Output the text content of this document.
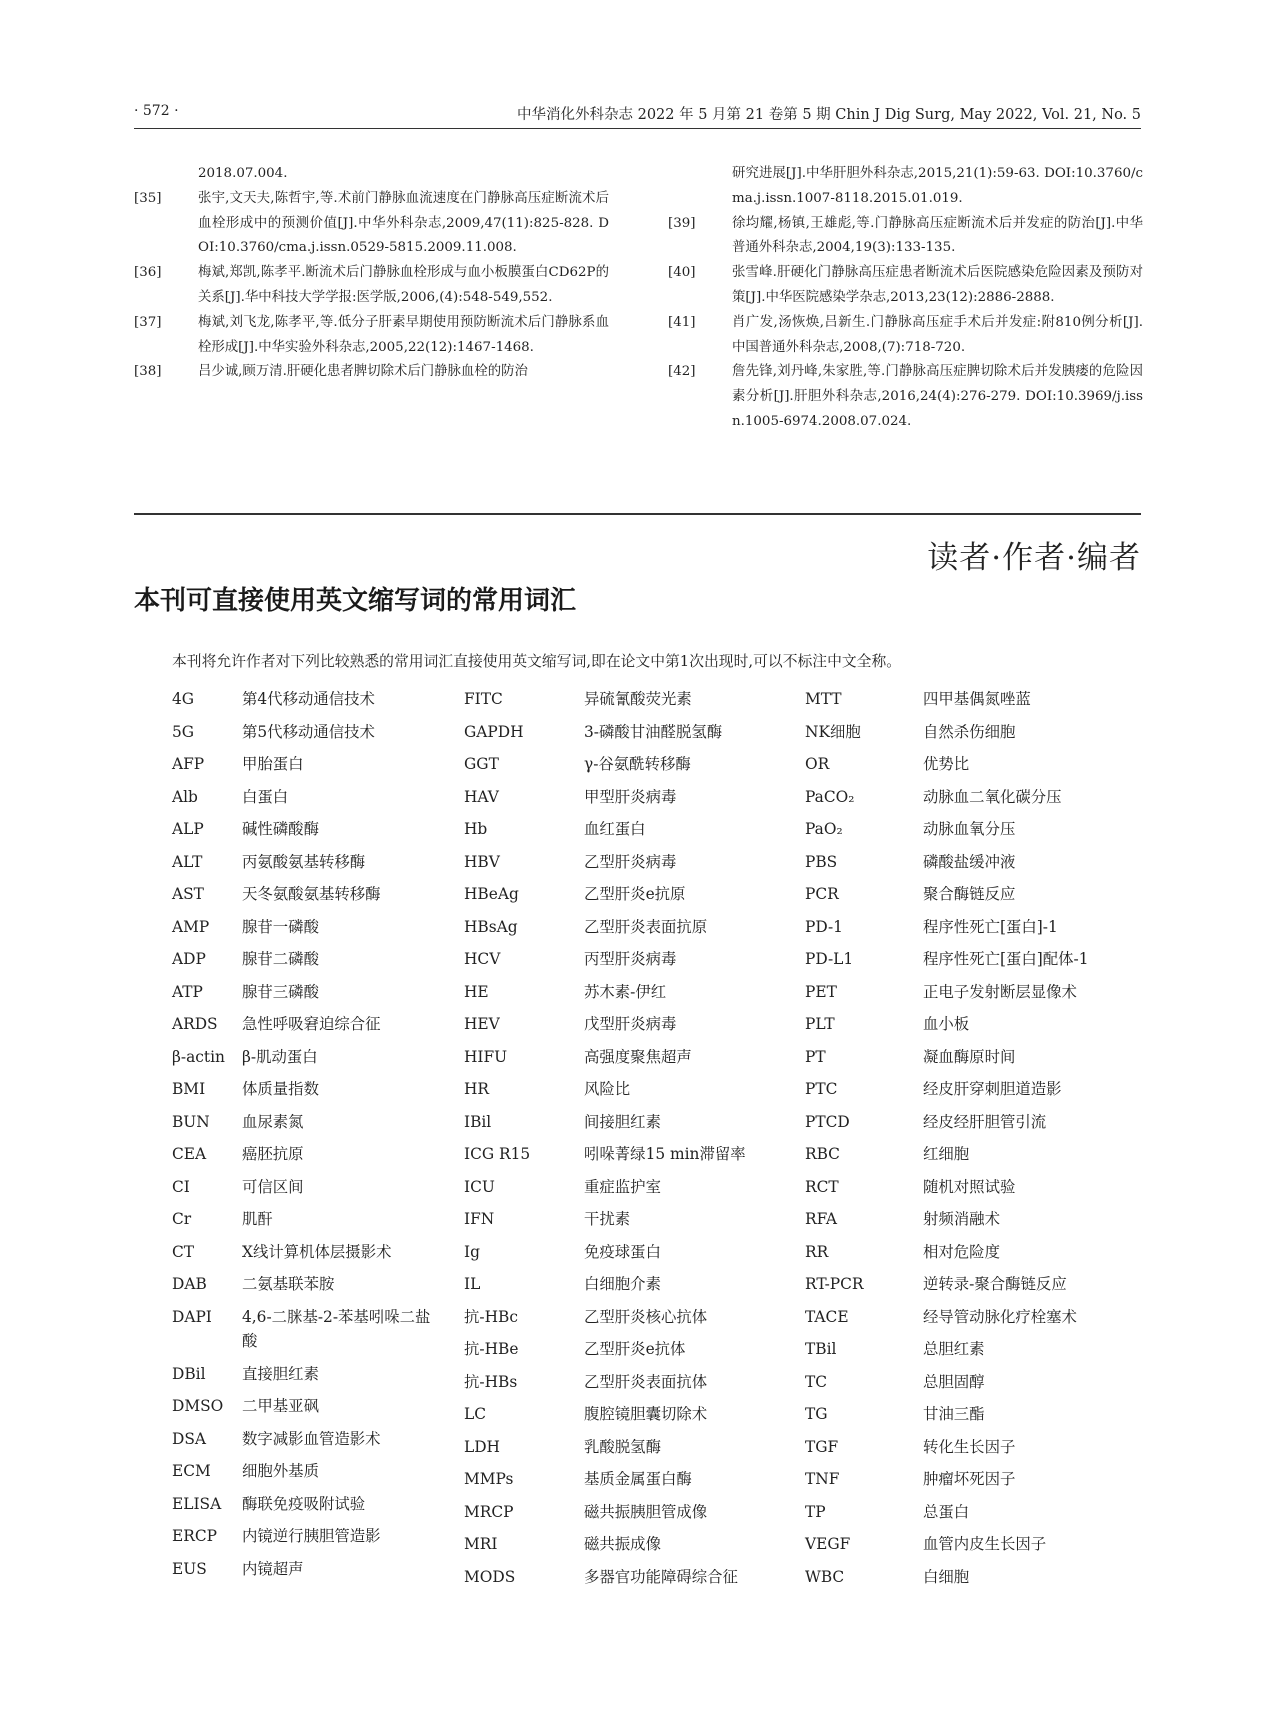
· 572 ·	中华消化外科杂志 2022 年 5 月第 21 卷第 5 期 Chin J Dig Surg, May 2022, Vol. 21, No. 5
2018.07.004.
[35]	张宇,文天夫,陈哲宇,等.术前门静脉血流速度在门静脉高压症断流术后血栓形成中的预测价值[J].中华外科杂志,2009,47(11):825-828. DOI:10.3760/cma.j.issn.0529-5815.2009.11.008.
[36]	梅斌,郑凯,陈孝平.断流术后门静脉血栓形成与血小板膜蛋白CD62P的关系[J].华中科技大学学报:医学版,2006,(4):548-549,552.
[37]	梅斌,刘飞龙,陈孝平,等.低分子肝素早期使用预防断流术后门静脉系血栓形成[J].中华实验外科杂志,2005,22(12):1467-1468.
[38]	吕少诚,顾万清.肝硬化患者脾切除术后门静脉血栓的防治
研究进展[J].中华肝胆外科杂志,2015,21(1):59-63. DOI:10.3760/cma.j.issn.1007-8118.2015.01.019.
[39]	徐均耀,杨镇,王雄彪,等.门静脉高压症断流术后并发症的防治[J].中华普通外科杂志,2004,19(3):133-135.
[40]	张雪峰.肝硬化门静脉高压症患者断流术后医院感染危险因素及预防对策[J].中华医院感染学杂志,2013,23(12):2886-2888.
[41]	肖广发,汤恢焕,吕新生.门静脉高压症手术后并发症:附810例分析[J].中国普通外科杂志,2008,(7):718-720.
[42]	詹先锋,刘丹峰,朱家胜,等.门静脉高压症脾切除术后并发胰瘘的危险因素分析[J].肝胆外科杂志,2016,24(4):276-279. DOI:10.3969/j.issn.1005-6974.2008.07.024.
读者·作者·编者
本刊可直接使用英文缩写词的常用词汇
本刊将允许作者对下列比较熟悉的常用词汇直接使用英文缩写词,即在论文中第1次出现时,可以不标注中文全称。
4G	第4代移动通信技术
5G	第5代移动通信技术
AFP 甲胎蛋白
Alb	白蛋白
ALP 碱性磷酸酶
ALT	丙氨酸氨基转移酶
AST 天冬氨酸氨基转移酶
AMP 腺苷一磷酸
ADP 腺苷二磷酸
ATP	腺苷三磷酸
ARDS 急性呼吸窘迫综合征
β-actin β-肌动蛋白
BMI 体质量指数
BUN 血尿素氮
CEA 癌胚抗原
CI	可信区间
Cr	肌酐
CT	X线计算机体层摄影术
DAB 二氨基联苯胺
DAPI 4,6-二脒基-2-苯基吲哚二盐酸
DBil 直接胆红素
DMSO 二甲基亚砜
DSA 数字减影血管造影术
ECM 细胞外基质
ELISA 酶联免疫吸附试验
ERCP 内镜逆行胰胆管造影
EUS 内镜超声
FITC	异硫氰酸荧光素
GAPDH	3-磷酸甘油醛脱氢酶
GGT	γ-谷氨酰转移酶
HAV	甲型肝炎病毒
Hb	血红蛋白
HBV	乙型肝炎病毒
HBeAg	乙型肝炎e抗原
HBsAg	乙型肝炎表面抗原
HCV	丙型肝炎病毒
HE	苏木素-伊红
HEV	戊型肝炎病毒
HIFU	高强度聚焦超声
HR	风险比
IBil	间接胆红素
ICG R15	吲哚菁绿15 min滞留率
ICU	重症监护室
IFN	干扰素
Ig	免疫球蛋白
IL	白细胞介素
抗-HBc	乙型肝炎核心抗体
抗-HBe	乙型肝炎e抗体
抗-HBs	乙型肝炎表面抗体
LC	腹腔镜胆囊切除术
LDH	乳酸脱氢酶
MMPs	基质金属蛋白酶
MRCP	磁共振胰胆管成像
MRI	磁共振成像
MODS	多器官功能障碍综合征
MTT	四甲基偶氮唑蓝
NK细胞	自然杀伤细胞
OR	优势比
PaCO₂	动脉血二氧化碳分压
PaO₂	动脉血氧分压
PBS	磷酸盐缓冲液
PCR	聚合酶链反应
PD-1	程序性死亡[蛋白]-1
PD-L1	程序性死亡[蛋白]配体-1
PET	正电子发射断层显像术
PLT	血小板
PT	凝血酶原时间
PTC	经皮肝穿刺胆道造影
PTCD	经皮经肝胆管引流
RBC	红细胞
RCT	随机对照试验
RFA	射频消融术
RR	相对危险度
RT-PCR	逆转录-聚合酶链反应
TACE	经导管动脉化疗栓塞术
TBil	总胆红素
TC	总胆固醇
TG	甘油三酯
TGF	转化生长因子
TNF	肿瘤坏死因子
TP	总蛋白
VEGF	血管内皮生长因子
WBC	白细胞
